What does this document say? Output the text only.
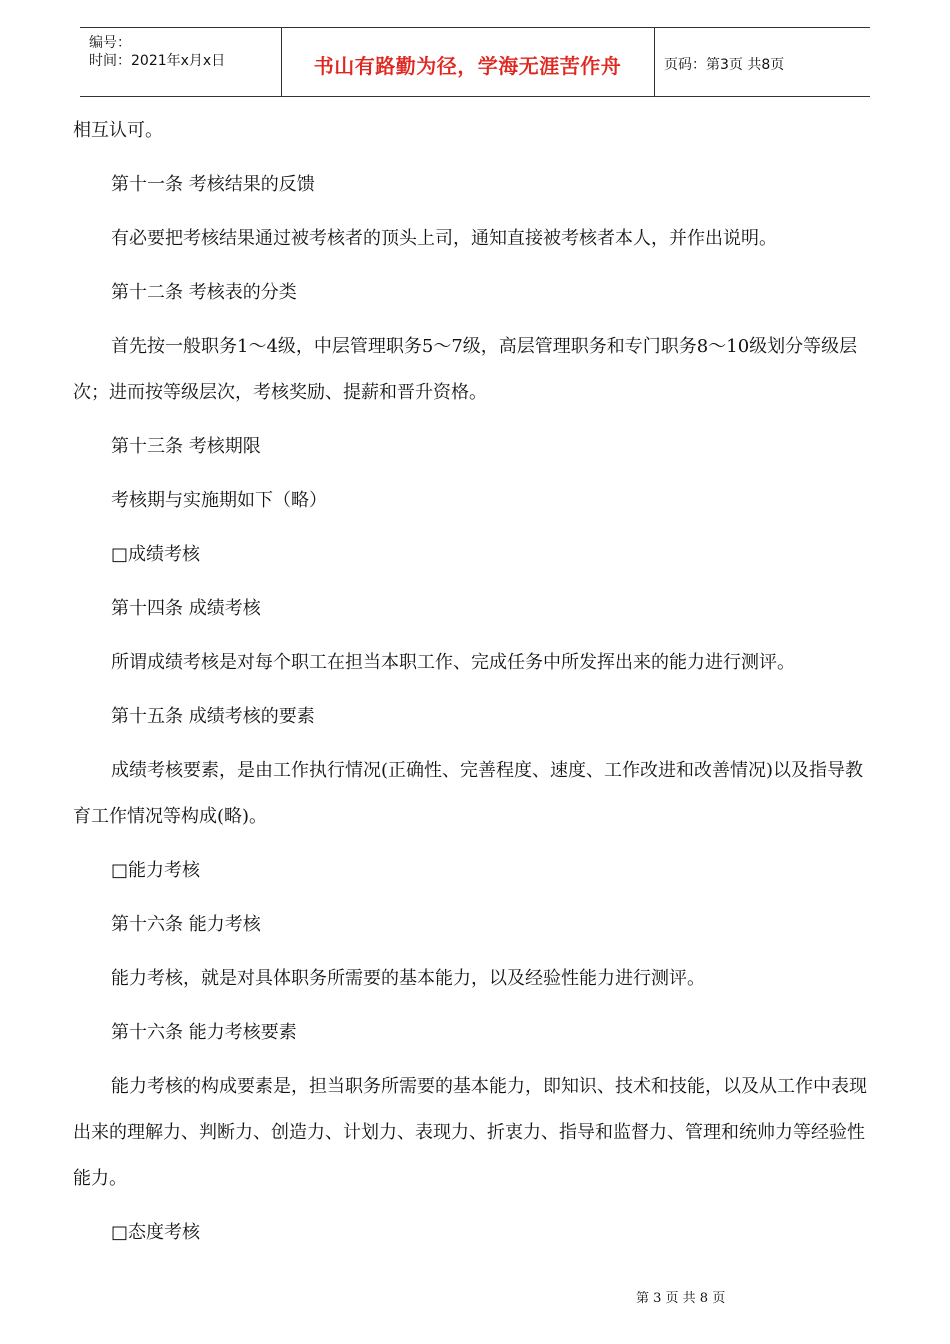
编号：
时间：2021年x月x日	书山有路勤为径，学海无涯苦作舟	页码：第3页 共8页

相互认可。

第十一条 考核结果的反馈

有必要把考核结果通过被考核者的顶头上司，通知直接被考核者本人，并作出说明。

第十二条 考核表的分类

首先按一般职务1～4级，中层管理职务5～7级，高层管理职务和专门职务8～10级划分等级层次；进而按等级层次，考核奖励、提薪和晋升资格。

第十三条 考核期限

考核期与实施期如下（略）

□成绩考核

第十四条 成绩考核

所谓成绩考核是对每个职工在担当本职工作、完成任务中所发挥出来的能力进行测评。

第十五条 成绩考核的要素

成绩考核要素，是由工作执行情况(正确性、完善程度、速度、工作改进和改善情况)以及指导教育工作情况等构成(略)。

□能力考核

第十六条 能力考核

能力考核，就是对具体职务所需要的基本能力，以及经验性能力进行测评。

第十六条 能力考核要素

能力考核的构成要素是，担当职务所需要的基本能力，即知识、技术和技能，以及从工作中表现出来的理解力、判断力、创造力、计划力、表现力、折衷力、指导和监督力、管理和统帅力等经验性能力。

□态度考核

第 3 页 共 8 页
